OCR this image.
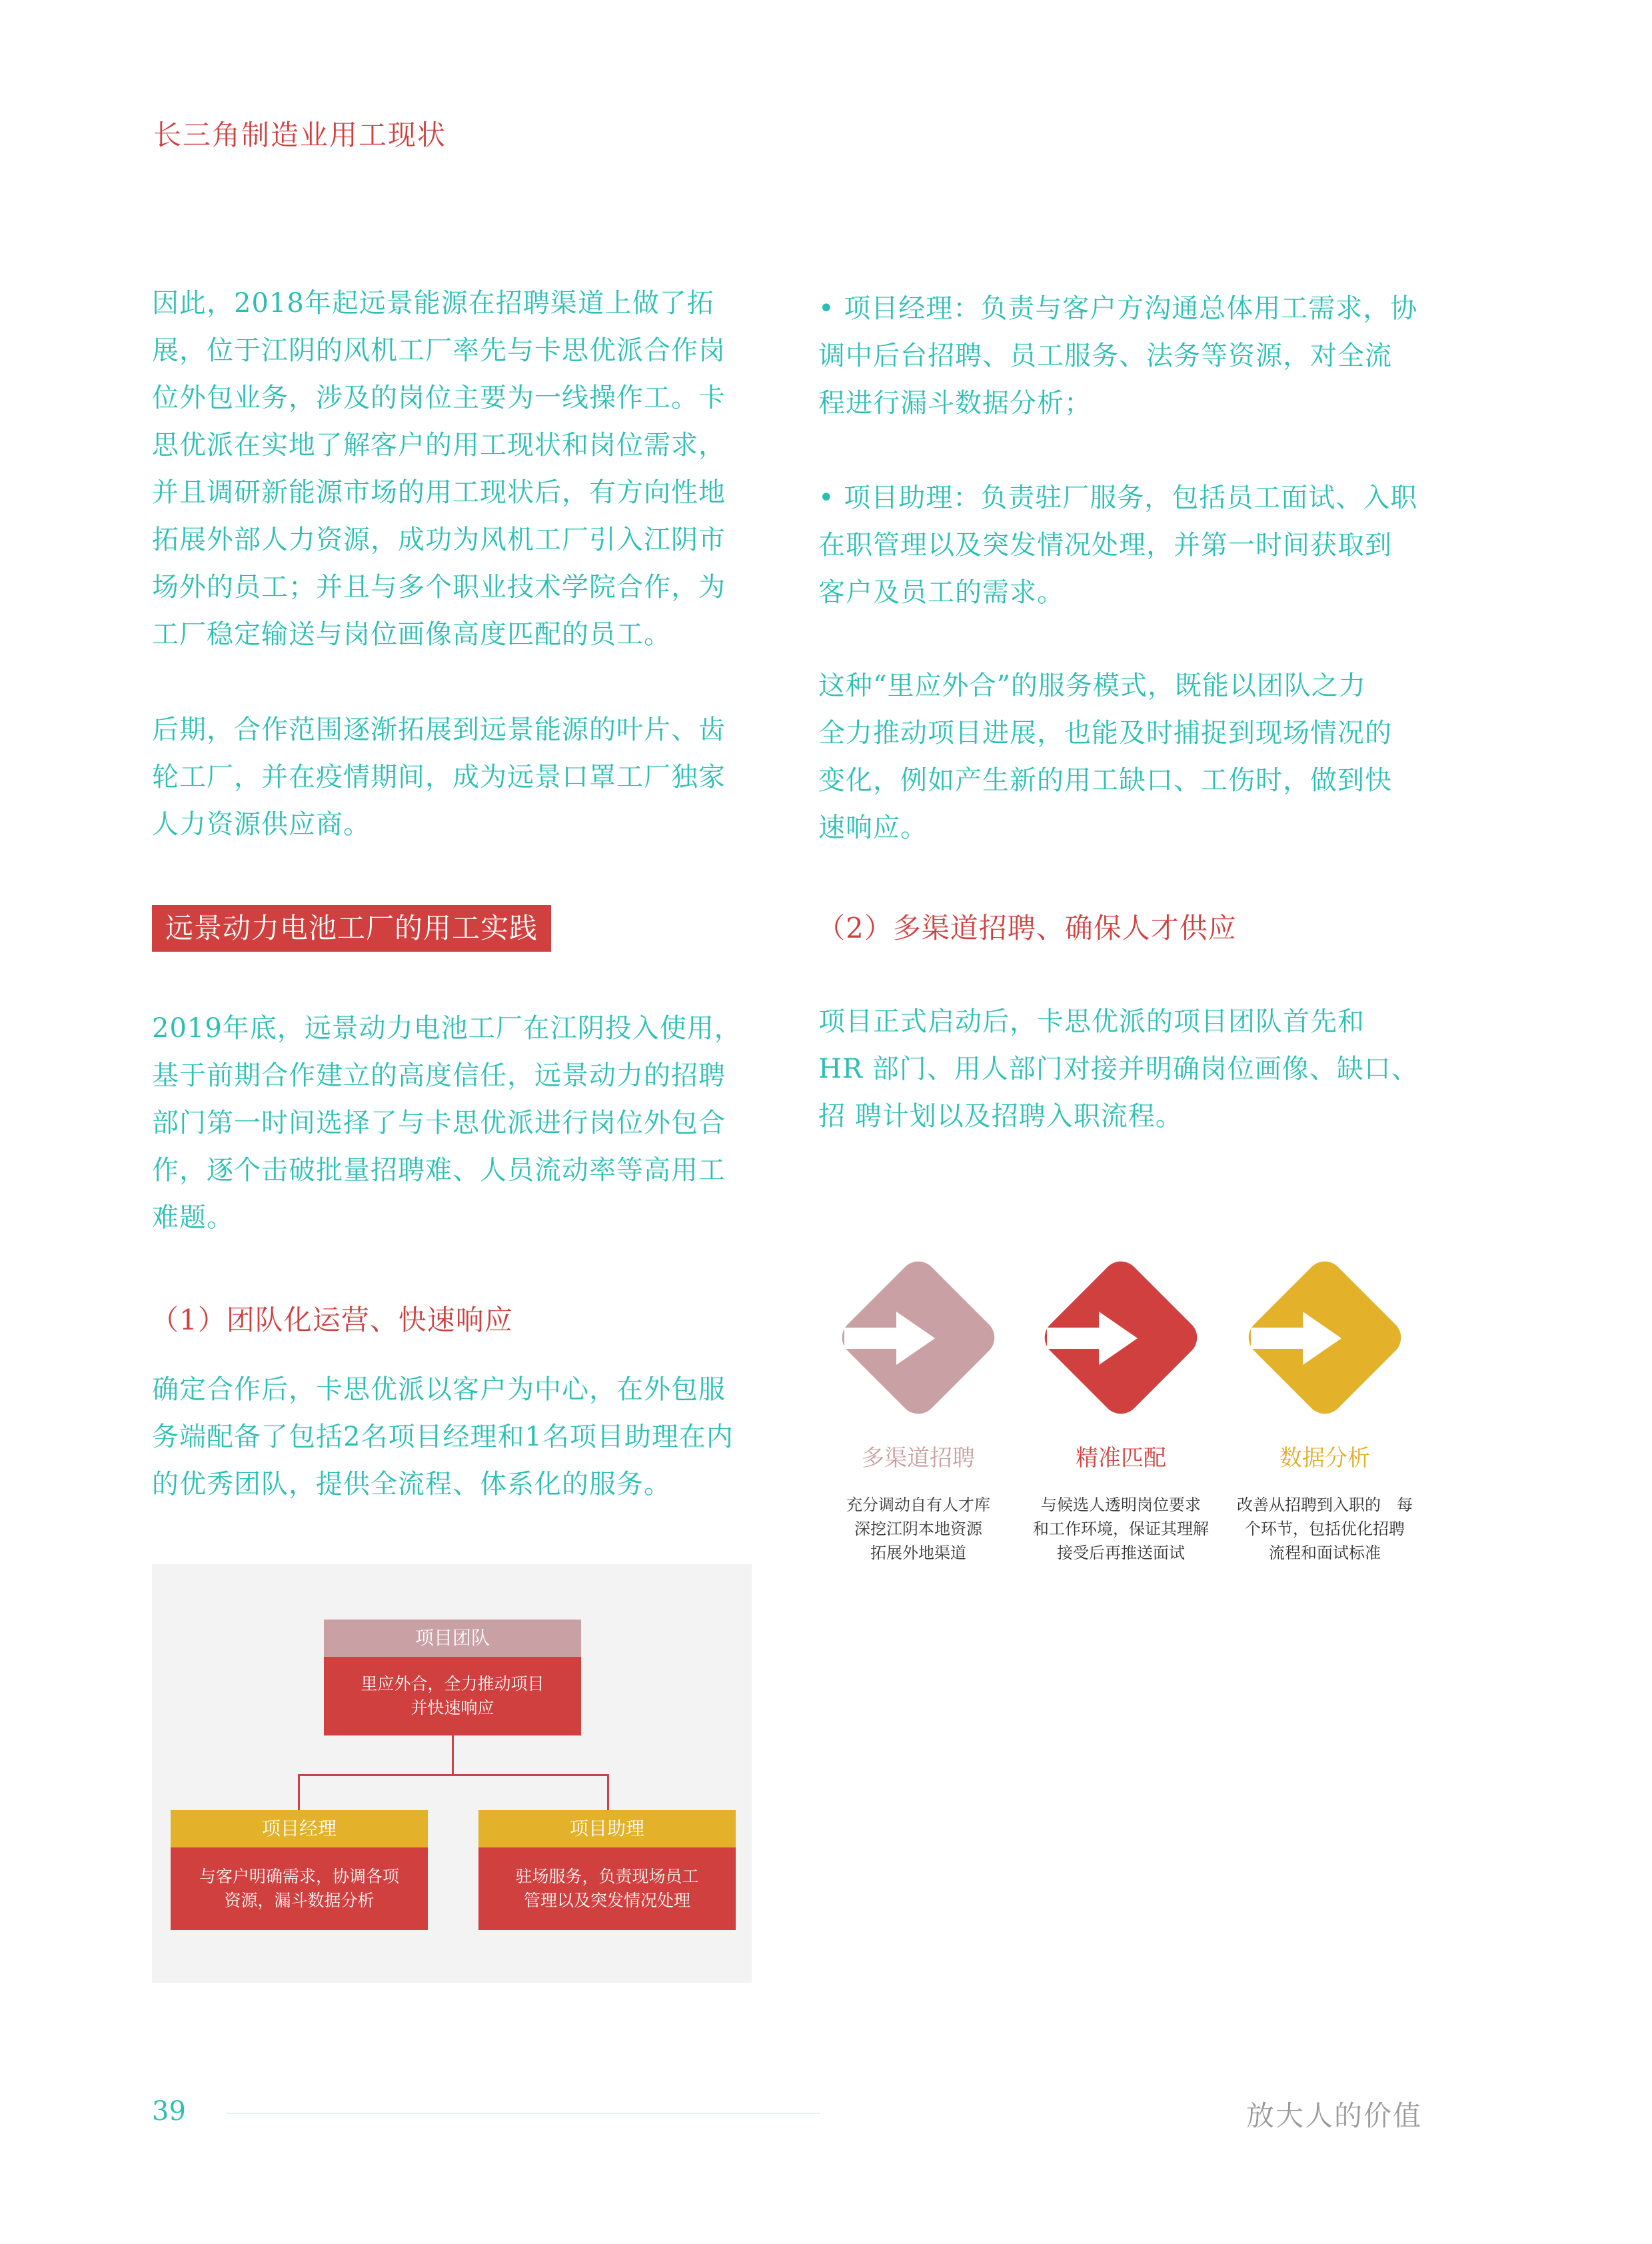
长三角制造业用工现状

因此，2018年起远景能源在招聘渠道上做了拓

展，位于江阴的风机工厂率先与卡思优派合作岗

位外包业务，涉及的岗位主要为一线操作工。卡

思优派在实地了解客户的用工现状和岗位需求，

并且调研新能源市场的用工现状后，有方向性地

拓展外部人力资源，成功为风机工厂引入江阴市

场外的员工；并且与多个职业技术学院合作，为

工厂稳定输送与岗位画像高度匹配的员工。

后期，合作范围逐渐拓展到远景能源的叶片、齿

轮工厂，并在疫情期间，成为远景口罩工厂独家

人力资源供应商。

远景动力电池工厂的用工实践

2019年底，远景动力电池工厂在江阴投入使用，

基于前期合作建立的高度信任，远景动力的招聘

部门第一时间选择了与卡思优派进行岗位外包合

作，逐个击破批量招聘难、人员流动率等高用工

难题。

（1）团队化运营、快速响应

确定合作后，卡思优派以客户为中心，在外包服

务端配备了包括2名项目经理和1名项目助理在内

的优秀团队，提供全流程、体系化的服务。

项目团队
里应外合，全力推动项目
并快速响应
项目经理
与客户明确需求，协调各项
资源，漏斗数据分析
项目助理
驻场服务，负责现场员工
管理以及突发情况处理

• 项目经理：负责与客户方沟通总体用工需求，协

调中后台招聘、员工服务、法务等资源，对全流

程进行漏斗数据分析；

• 项目助理：负责驻厂服务，包括员工面试、入职

在职管理以及突发情况处理，并第一时间获取到

客户及员工的需求。

这种“里应外合”的服务模式，既能以团队之力

全力推动项目进展，也能及时捕捉到现场情况的

变化，例如产生新的用工缺口、工伤时，做到快

速响应。

（2）多渠道招聘、确保人才供应

项目正式启动后，卡思优派的项目团队首先和

HR 部门、用人部门对接并明确岗位画像、缺口、

招 聘计划以及招聘入职流程。

多渠道招聘
充分调动自有人才库
深挖江阴本地资源
拓展外地渠道
精准匹配
与候选人透明岗位要求
和工作环境，保证其理解
接受后再推送面试
数据分析
改善从招聘到入职的　每
个环节，包括优化招聘
流程和面试标准
39	放大人的价值
